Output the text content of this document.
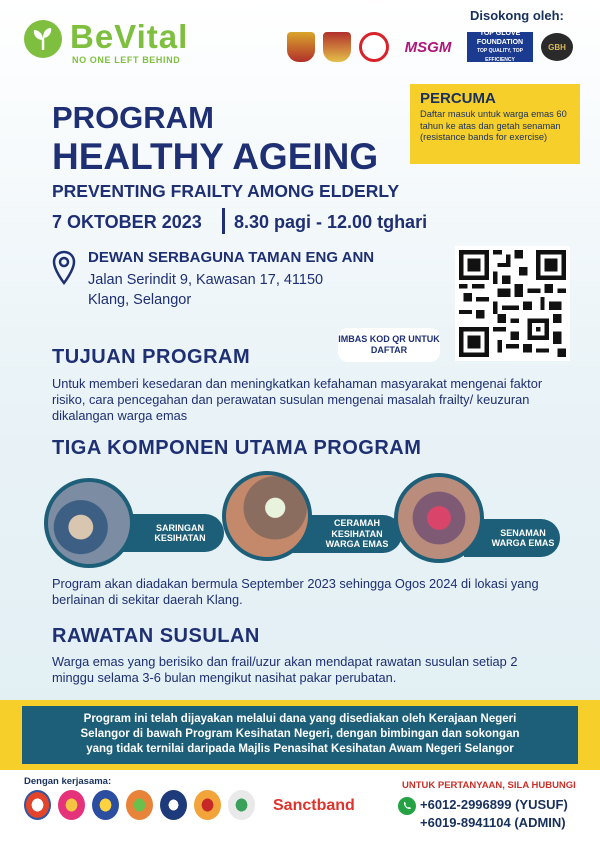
BeVital
NO ONE LEFT BEHIND
Disokong oleh:
MSGM
TOP GLOVE FOUNDATION
TOP QUALITY, TOP EFFICIENCY
GBH
PERCUMA
Daftar masuk untuk warga emas 60 tahun ke atas dan getah senaman (resistance bands for exercise)
PROGRAM
HEALTHY AGEING
PREVENTING FRAILTY AMONG ELDERLY
7 OKTOBER 2023 8.30 pagi - 12.00 tghari
DEWAN SERBAGUNA TAMAN ENG ANN
Jalan Serindit 9, Kawasan 17, 41150
Klang, Selangor
IMBAS KOD QR UNTUK DAFTAR
TUJUAN PROGRAM
Untuk memberi kesedaran dan meningkatkan kefahaman masyarakat mengenai faktor risiko, cara pencegahan dan perawatan susulan mengenai masalah frailty/ keuzuran dikalangan warga emas
TIGA KOMPONEN UTAMA PROGRAM
SARINGAN
KESIHATAN
CERAMAH
KESIHATAN
WARGA EMAS
SENAMAN
WARGA EMAS
Program akan diadakan bermula September 2023 sehingga Ogos 2024 di lokasi yang berlainan di sekitar daerah Klang.
RAWATAN SUSULAN
Warga emas yang berisiko dan frail/uzur akan mendapat rawatan susulan setiap 2 minggu selama 3-6 bulan mengikut nasihat pakar perubatan.
Program ini telah dijayakan melalui dana yang disediakan oleh Kerajaan Negeri
Selangor di bawah Program Kesihatan Negeri, dengan bimbingan dan sokongan
yang tidak ternilai daripada Majlis Penasihat Kesihatan Awam Negeri Selangor
Dengan kerjasama:
Sanctband
UNTUK PERTANYAAN, SILA HUBUNGI
+6012-2996899 (YUSUF)
+6019-8941104 (ADMIN)
